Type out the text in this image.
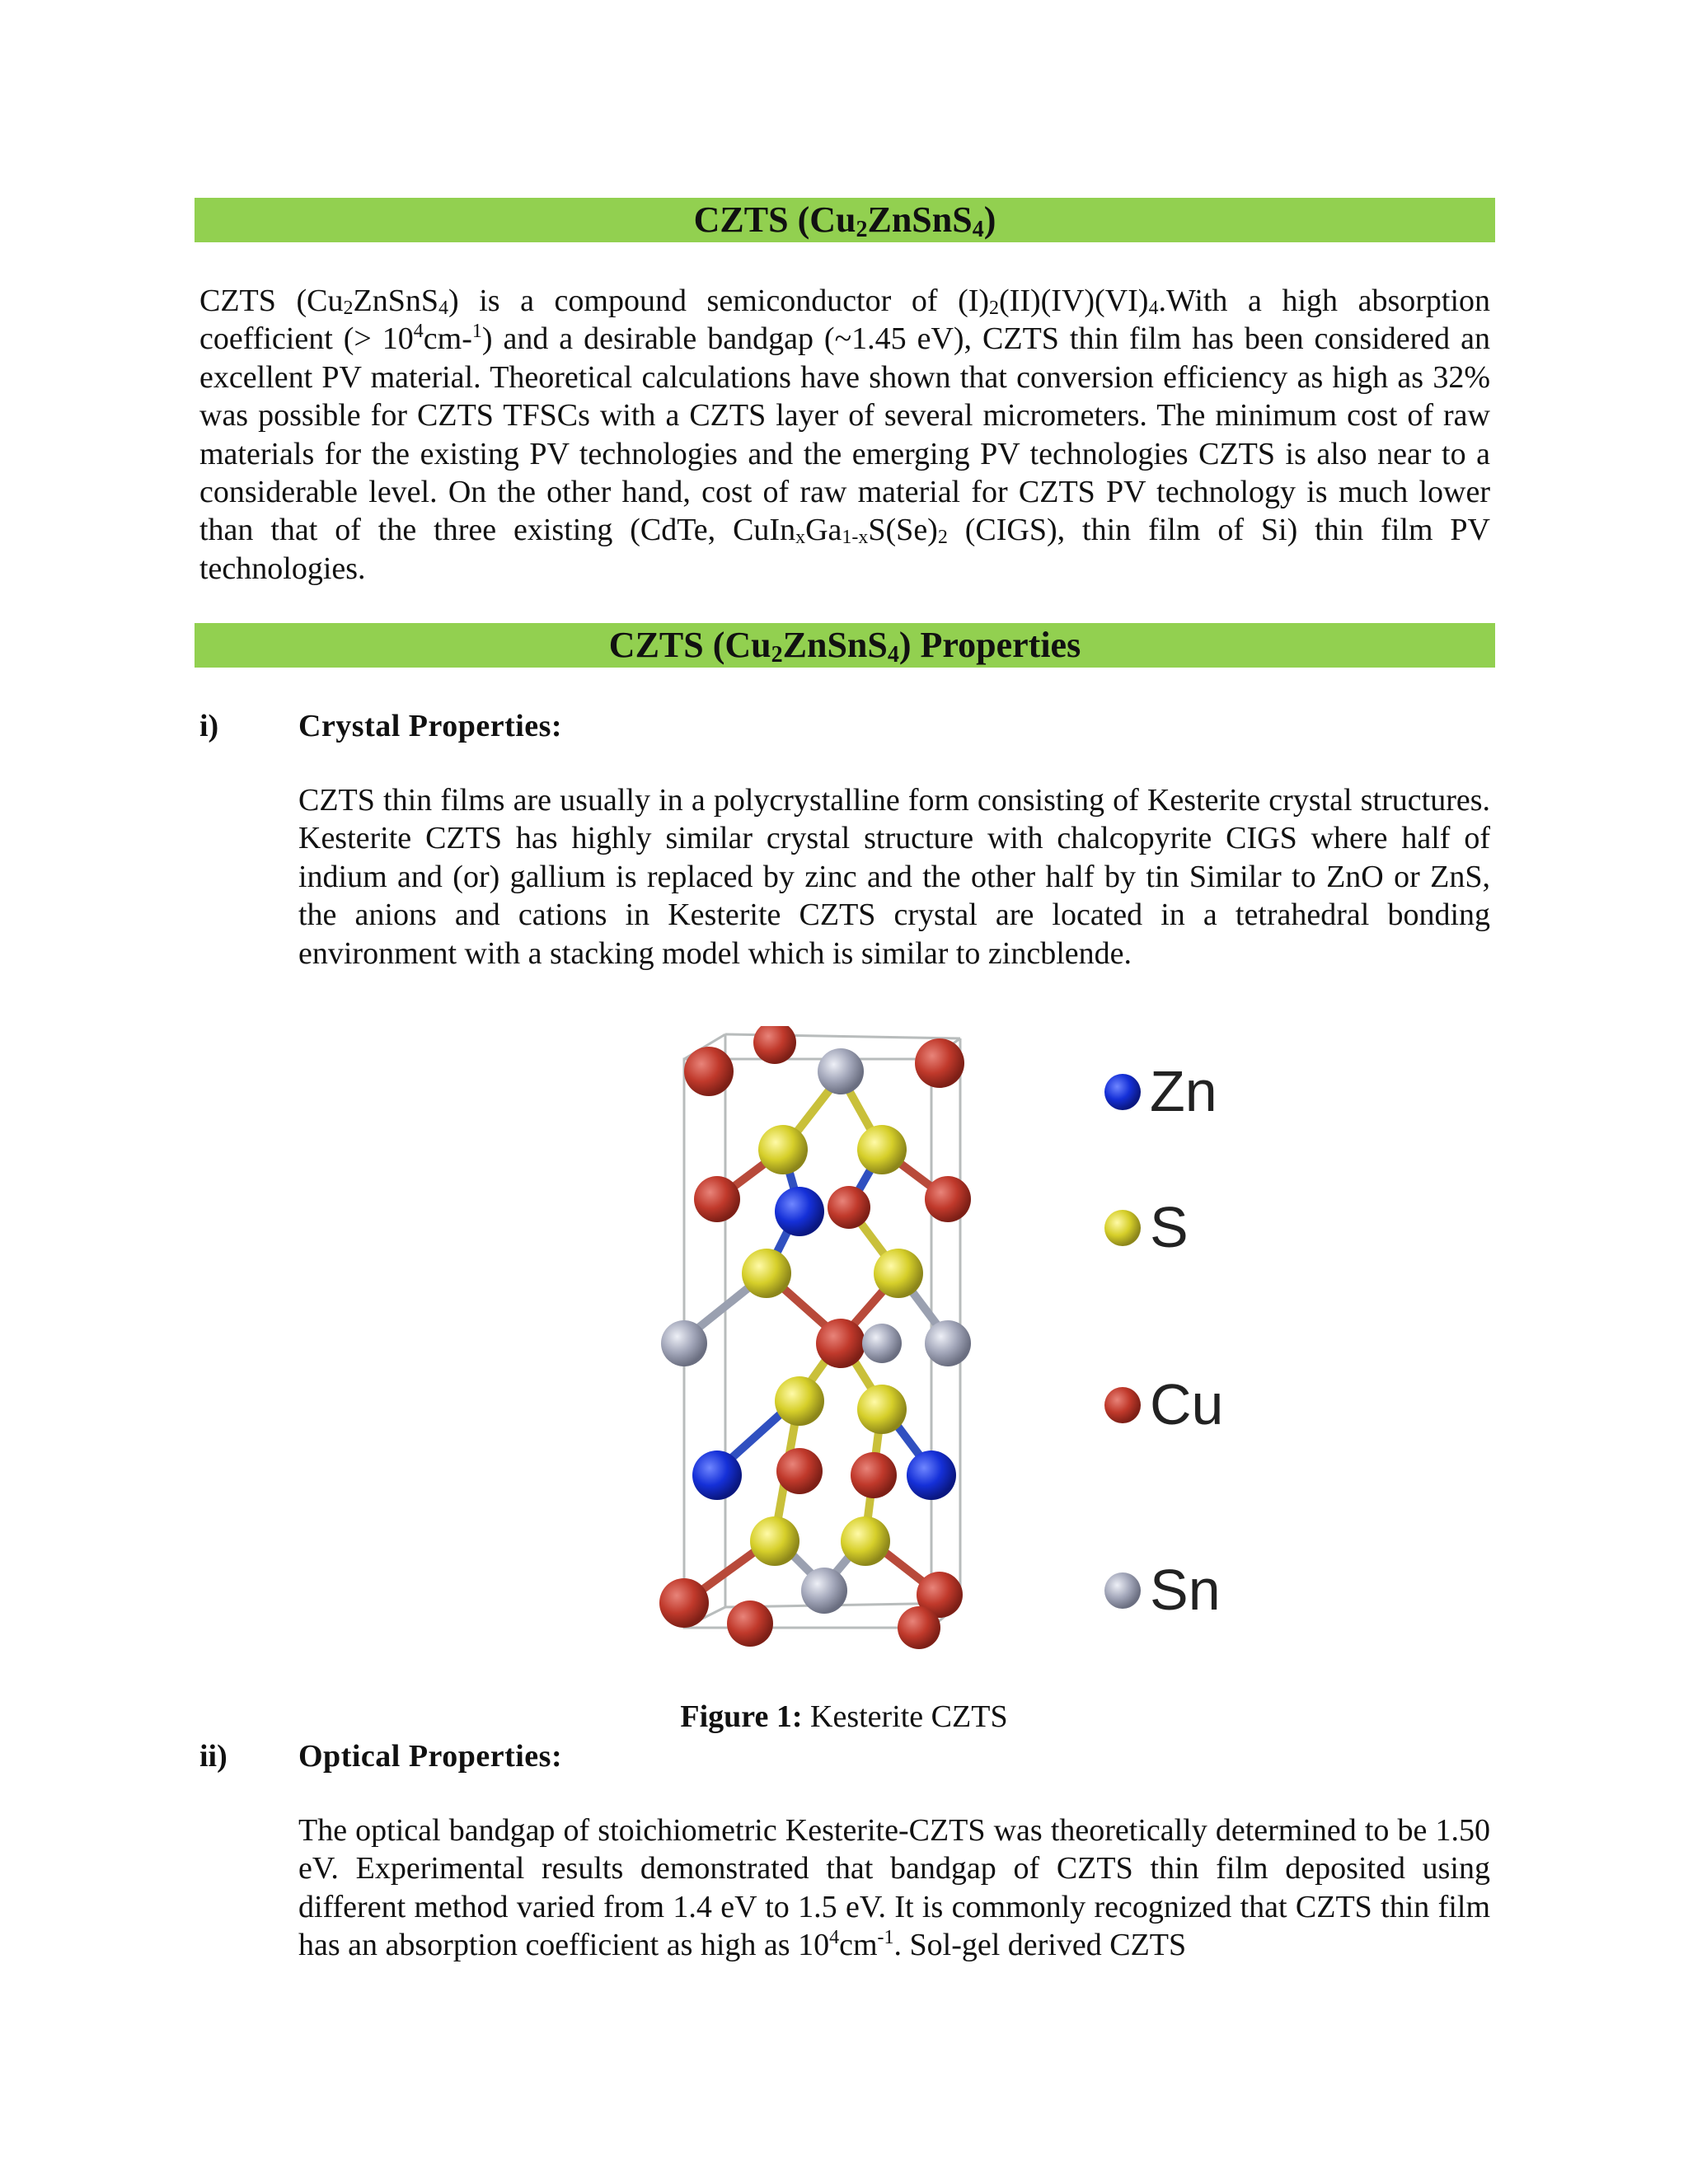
CZTS $(Cu_2ZnSnS_4)$

CZTS $(Cu_2ZnSnS_4)$ is a compound semiconductor of $(I)_2(II)(IV)(VI)_4.With$ a high absorption coefficient (> $10^4cm-^1$) and a desirable bandgap (~1.45 eV), CZTS thin film has been considered an excellent PV material. Theoretical calculations have shown that conversion efficiency as high as 32% was possible for CZTS TFSCs with a CZTS layer of several micrometers. The minimum cost of raw materials for the existing PV technologies and the emerging PV technologies CZTS is also near to a considerable level. On the other hand, cost of raw material for CZTS PV technology is much lower than that of the three existing (CdTe, $CuIn_xGa_{1-x}S(Se)_2$ (CIGS), thin film of Si) thin film PV technologies.

CZTS $(Cu_2ZnSnS_4)$ Properties
i)	Crystal Properties:

CZTS thin films are usually in a polycrystalline form consisting of Kesterite crystal structures. Kesterite CZTS has highly similar crystal structure with chalcopyrite CIGS where half of indium and (or) gallium is replaced by zinc and the other half by tin Similar to ZnO or ZnS, the anions and cations in Kesterite CZTS crystal are located in a tetrahedral bonding environment with a stacking model which is similar to zincblende.

Zn
S
Cu
Sn
Figure 1: Kesterite CZTS
ii) Optical Properties:

The optical bandgap of stoichiometric Kesterite-CZTS was theoretically determined to be 1.50 eV. Experimental results demonstrated that bandgap of CZTS thin film deposited using different method varied from 1.4 eV to 1.5 eV. It is commonly recognized that CZTS thin film has an absorption coefficient as high as $10^4cm^{-1}$. Sol-gel derived CZTS
